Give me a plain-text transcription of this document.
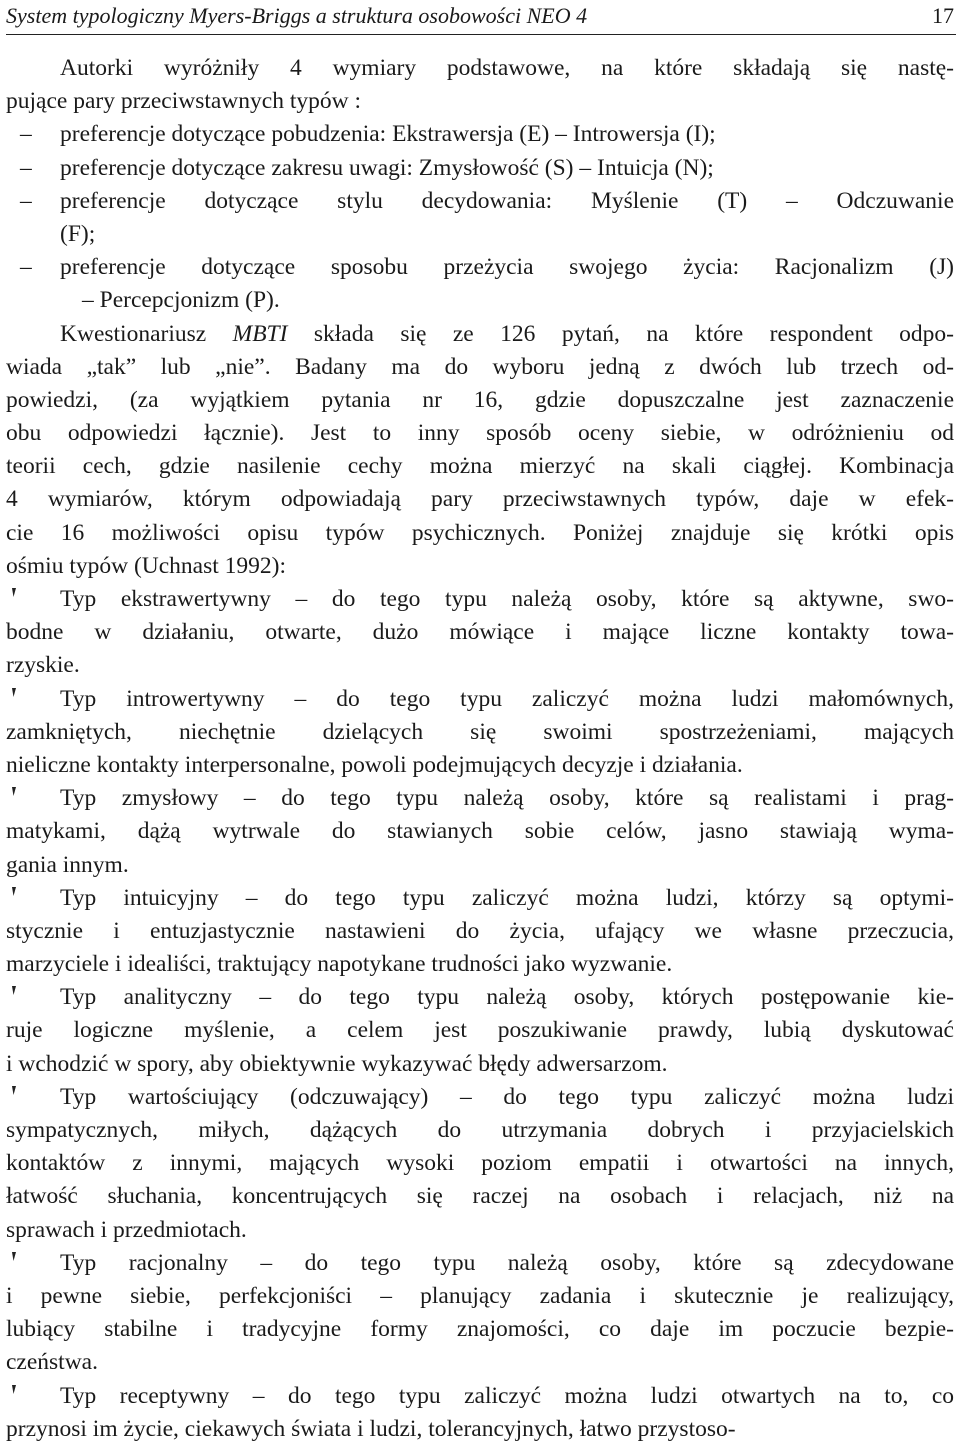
System typologiczny Myers-Briggs a struktura osobowości NEO 4	17
Autorki wyróżniły 4 wymiary podstawowe, na które składają się nastę-
pujące pary przeciwstawnych typów :
–	preferencje dotyczące pobudzenia: Ekstrawersja (E) – Introwersja (I);
–	preferencje dotyczące zakresu uwagi: Zmysłowość (S) – Intuicja (N);
–	preferencje dotyczące stylu decydowania: Myślenie (T) – Odczuwanie
(F);
–	preferencje dotyczące sposobu przeżycia swojego życia: Racjonalizm (J)
– Percepcjonizm (P).
Kwestionariusz MBTI składa się ze 126 pytań, na które respondent odpo-
wiada „tak” lub „nie”. Badany ma do wyboru jedną z dwóch lub trzech od-
powiedzi, (za wyjątkiem pytania nr 16, gdzie dopuszczalne jest zaznaczenie
obu odpowiedzi łącznie). Jest to inny sposób oceny siebie, w odróżnieniu od
teorii cech, gdzie nasilenie cechy można mierzyć na skali ciągłej. Kombinacja
4 wymiarów, którym odpowiadają pary przeciwstawnych typów, daje w efek-
cie 16 możliwości opisu typów psychicznych. Poniżej znajduje się krótki opis
ośmiu typów (Uchnast 1992):
Typ ekstrawertywny – do tego typu należą osoby, które są aktywne, swo-
bodne w działaniu, otwarte, dużo mówiące i mające liczne kontakty towa-
rzyskie.
Typ introwertywny – do tego typu zaliczyć można ludzi małomównych,
zamkniętych, niechętnie dzielących się swoimi spostrzeżeniami, mających
nieliczne kontakty interpersonalne, powoli podejmujących decyzje i działania.
Typ zmysłowy – do tego typu należą osoby, które są realistami i prag-
matykami, dążą wytrwale do stawianych sobie celów, jasno stawiają wyma-
gania innym.
Typ intuicyjny – do tego typu zaliczyć można ludzi, którzy są optymi-
stycznie i entuzjastycznie nastawieni do życia, ufający we własne przeczucia,
marzyciele i idealiści, traktujący napotykane trudności jako wyzwanie.
Typ analityczny – do tego typu należą osoby, których postępowanie kie-
ruje logiczne myślenie, a celem jest poszukiwanie prawdy, lubią dyskutować
i wchodzić w spory, aby obiektywnie wykazywać błędy adwersarzom.
Typ wartościujący (odczuwający) – do tego typu zaliczyć można ludzi
sympatycznych, miłych, dążących do utrzymania dobrych i przyjacielskich
kontaktów z innymi, mających wysoki poziom empatii i otwartości na innych,
łatwość słuchania, koncentrujących się raczej na osobach i relacjach, niż na
sprawach i przedmiotach.
Typ racjonalny – do tego typu należą osoby, które są zdecydowane
i pewne siebie, perfekcjoniści – planujący zadania i skutecznie je realizujący,
lubiący stabilne i tradycyjne formy znajomości, co daje im poczucie bezpie-
czeństwa.
Typ receptywny – do tego typu zaliczyć można ludzi otwartych na to, co
przynosi im życie, ciekawych świata i ludzi, tolerancyjnych, łatwo przystoso-
